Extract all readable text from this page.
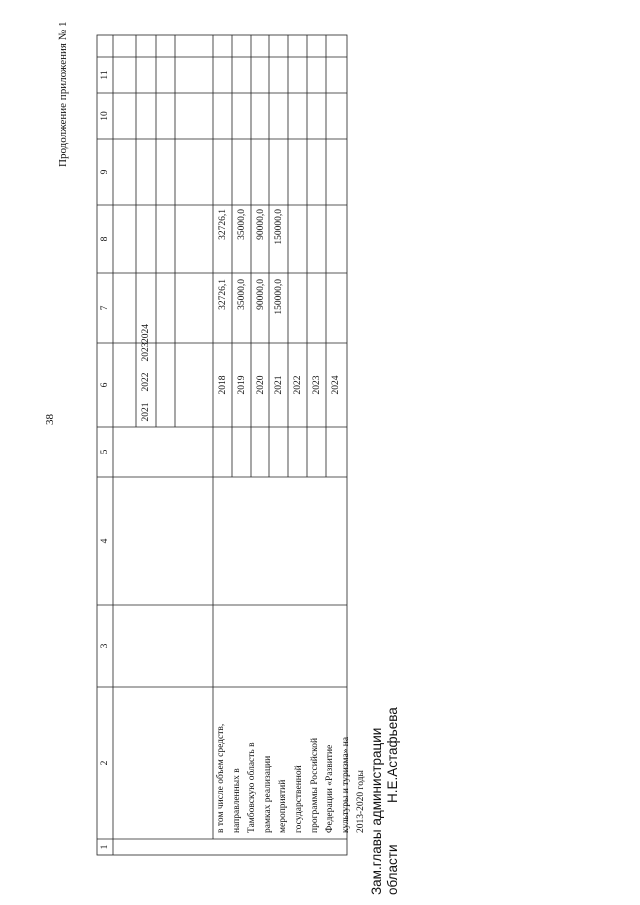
38
Продолжение приложения № 1
1
2
3
4
5
6
7
8
9
10
11
2021
2022
2023
2024
в том числе объем средств, направленных в Тамбовскую область в рамках реализации мероприятий государственной программы Российской Федерации «Развитие культуры и туризма» на 2013-2020 годы
2018 2019 2020 2021 2022 2023 2024
32726,1 35000,0 90000,0 150000,0
32726,1 35000,0 90000,0 150000,0
Зам.главы администрации области
Н.Е.Астафьева
